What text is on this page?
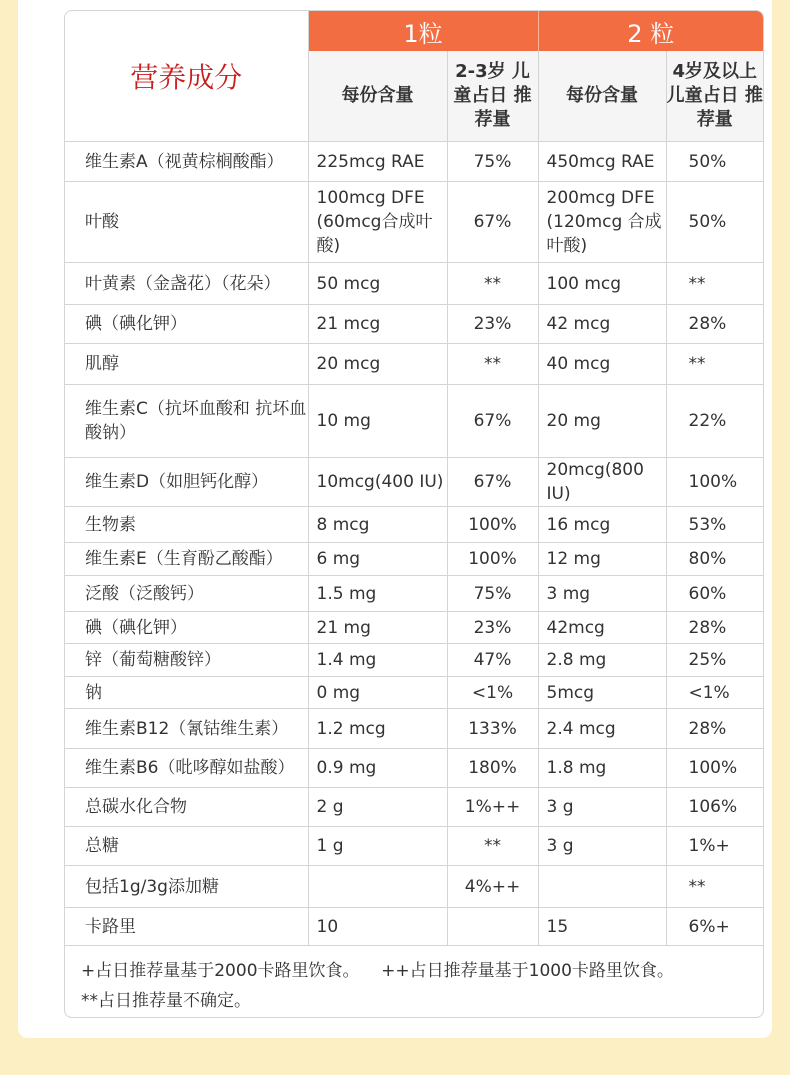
营养成分	1粒		2 粒	
	每份含量	2-3岁 儿童占日 推荐量	每份含量	4岁及以上 儿童占日 推荐量
维生素A（视黄棕榈酸酯）	225mcg RAE	75%	450mcg RAE	50%
叶酸	100mcg DFE (60mcg合成叶酸)	67%	200mcg DFE (120mcg 合成叶酸)	50%
叶黄素（金盏花）（花朵）	50 mcg	**	100 mcg	**
碘（碘化钾）	21 mcg	23%	42 mcg	28%
肌醇	20 mcg	**	40 mcg	**
维生素C（抗坏血酸和 抗坏血酸钠）	10 mg	67%	20 mg	22%
维生素D（如胆钙化醇）	10mcg(400 IU)	67%	20mcg(800 IU)	100%
生物素	8 mcg	100%	16 mcg	53%
维生素E（生育酚乙酸酯）	6 mg	100%	12 mg	80%
泛酸（泛酸钙）	1.5 mg	75%	3 mg	60%
碘（碘化钾）	21 mg	23%	42mcg	28%
锌（葡萄糖酸锌）	1.4 mg	47%	2.8 mg	25%
钠	0 mg	<1%	5mcg	<1%
维生素B12（氰钴维生素）	1.2 mcg	133%	2.4 mcg	28%
维生素B6（吡哆醇如盐酸）	0.9 mg	180%	1.8 mg	100%
总碳水化合物	2 g	1%++	3 g	106%
总糖	1 g	**	3 g	1%+
包括1g/3g添加糖		4%++		**
卡路里	10		15	6%+

+占日推荐量基于2000卡路里饮食。 ++占日推荐量基于1000卡路里饮食。
**占日推荐量不确定。				
